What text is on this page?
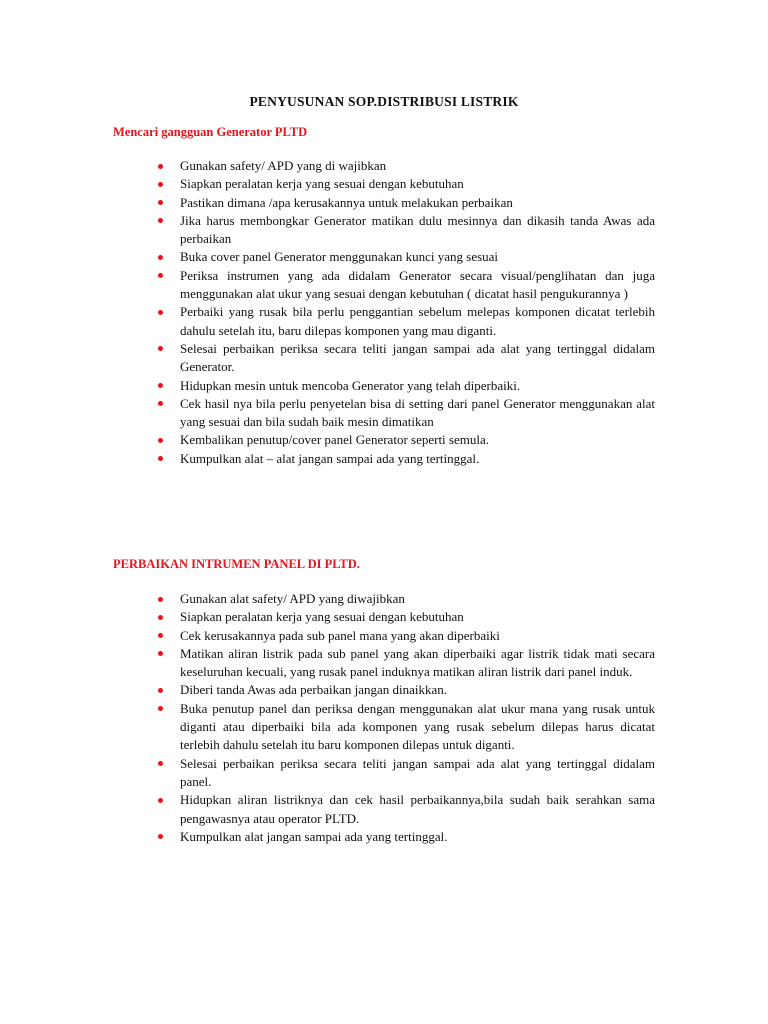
PENYUSUNAN SOP.DISTRIBUSI LISTRIK
Mencari gangguan Generator PLTD
Gunakan safety/ APD yang di wajibkan
Siapkan peralatan kerja yang sesuai dengan kebutuhan
Pastikan dimana /apa kerusakannya untuk melakukan perbaikan
Jika harus membongkar Generator matikan dulu mesinnya dan dikasih tanda Awas ada perbaikan
Buka cover panel Generator menggunakan kunci yang sesuai
Periksa instrumen yang ada didalam Generator secara visual/penglihatan dan juga menggunakan alat ukur yang sesuai dengan kebutuhan ( dicatat hasil pengukurannya )
Perbaiki yang rusak bila perlu penggantian sebelum melepas komponen dicatat terlebih dahulu setelah itu, baru dilepas komponen yang mau diganti.
Selesai perbaikan periksa secara teliti jangan sampai ada alat yang tertinggal didalam Generator.
Hidupkan mesin untuk mencoba Generator yang telah diperbaiki.
Cek hasil nya bila perlu penyetelan bisa di setting dari panel Generator menggunakan alat yang sesuai dan bila sudah baik mesin dimatikan
Kembalikan penutup/cover panel Generator seperti semula.
Kumpulkan alat – alat jangan sampai ada yang tertinggal.
PERBAIKAN INTRUMEN PANEL DI PLTD.
Gunakan alat safety/ APD yang diwajibkan
Siapkan peralatan kerja yang sesuai dengan kebutuhan
Cek kerusakannya pada sub panel mana yang akan diperbaiki
Matikan aliran listrik pada sub panel yang akan diperbaiki agar listrik tidak mati secara keseluruhan kecuali, yang rusak panel induknya matikan aliran listrik dari panel induk.
Diberi tanda Awas ada perbaikan jangan dinaikkan.
Buka penutup panel dan periksa dengan menggunakan alat ukur mana yang rusak untuk diganti atau diperbaiki bila ada komponen yang rusak sebelum dilepas harus dicatat terlebih dahulu setelah itu baru komponen dilepas untuk diganti.
Selesai perbaikan periksa secara teliti jangan sampai ada alat yang tertinggal didalam panel.
Hidupkan aliran listriknya dan cek hasil perbaikannya,bila sudah baik serahkan sama pengawasnya atau operator PLTD.
Kumpulkan alat jangan sampai ada yang tertinggal.
